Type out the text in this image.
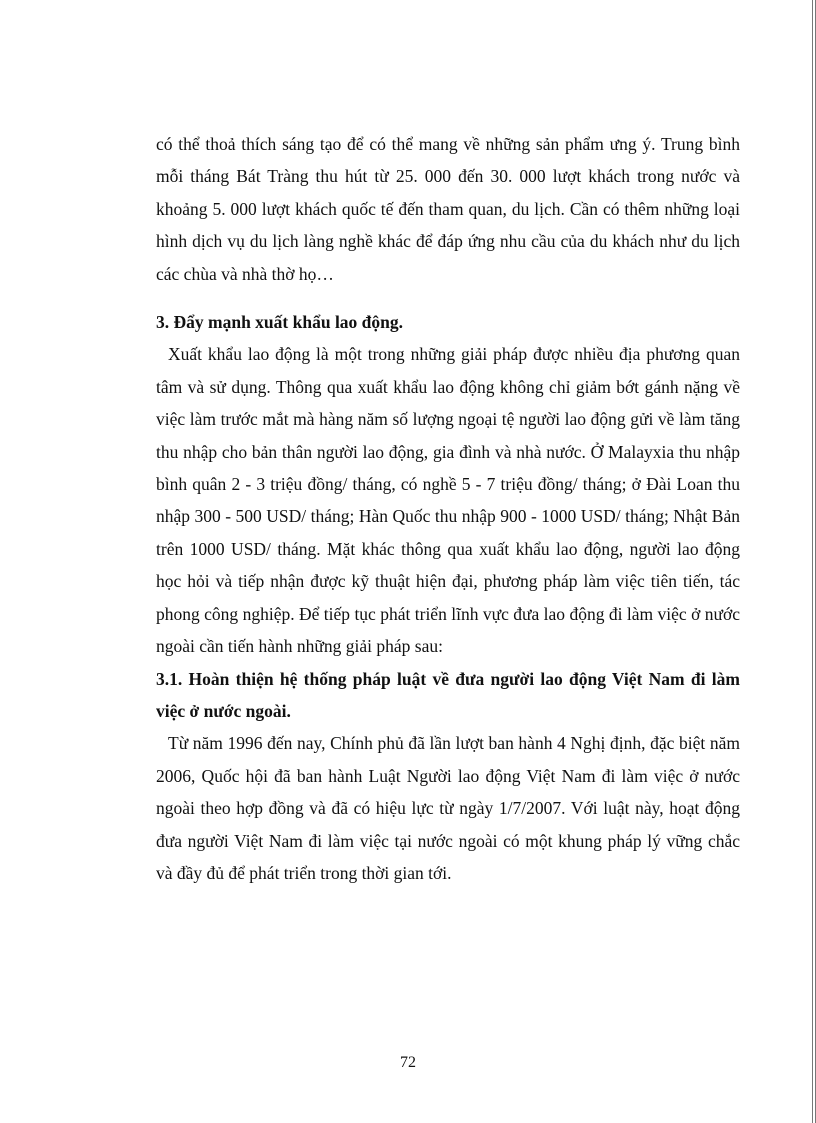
có thể thoả thích sáng tạo để có thể mang về những sản phẩm ưng ý. Trung bình mỗi tháng Bát Tràng thu hút từ 25. 000 đến 30. 000 lượt khách trong nước và khoảng 5. 000 lượt khách quốc tế đến tham quan, du lịch. Cần có thêm những loại hình dịch vụ du lịch làng nghề khác để đáp ứng nhu cầu của du khách như du lịch các chùa và nhà thờ họ…

3. Đẩy mạnh xuất khẩu lao động.

Xuất khẩu lao động là một trong những giải pháp được nhiều địa phương quan tâm và sử dụng. Thông qua xuất khẩu lao động không chỉ giảm bớt gánh nặng về việc làm trước mắt mà hàng năm số lượng ngoại tệ người lao động gửi về làm tăng thu nhập cho bản thân người lao động, gia đình và nhà nước. Ở Malayxia thu nhập bình quân 2 - 3 triệu đồng/ tháng, có nghề 5 - 7 triệu đồng/ tháng; ở Đài Loan thu nhập 300 - 500 USD/ tháng; Hàn Quốc thu nhập 900 - 1000 USD/ tháng; Nhật Bản trên 1000 USD/ tháng. Mặt khác thông qua xuất khẩu lao động, người lao động học hỏi và tiếp nhận được kỹ thuật hiện đại, phương pháp làm việc tiên tiến, tác phong công nghiệp. Để tiếp tục phát triển lĩnh vực đưa lao động đi làm việc ở nước ngoài cần tiến hành những giải pháp sau:

3.1. Hoàn thiện hệ thống pháp luật về đưa người lao động Việt Nam đi làm việc ở nước ngoài.

Từ năm 1996 đến nay, Chính phủ đã lần lượt ban hành 4 Nghị định, đặc biệt năm 2006, Quốc hội đã ban hành Luật Người lao động Việt Nam đi làm việc ở nước ngoài theo hợp đồng và đã có hiệu lực từ ngày 1/7/2007. Với luật này, hoạt động đưa người Việt Nam đi làm việc tại nước ngoài có một khung pháp lý vững chắc và đầy đủ để phát triển trong thời gian tới.

72
